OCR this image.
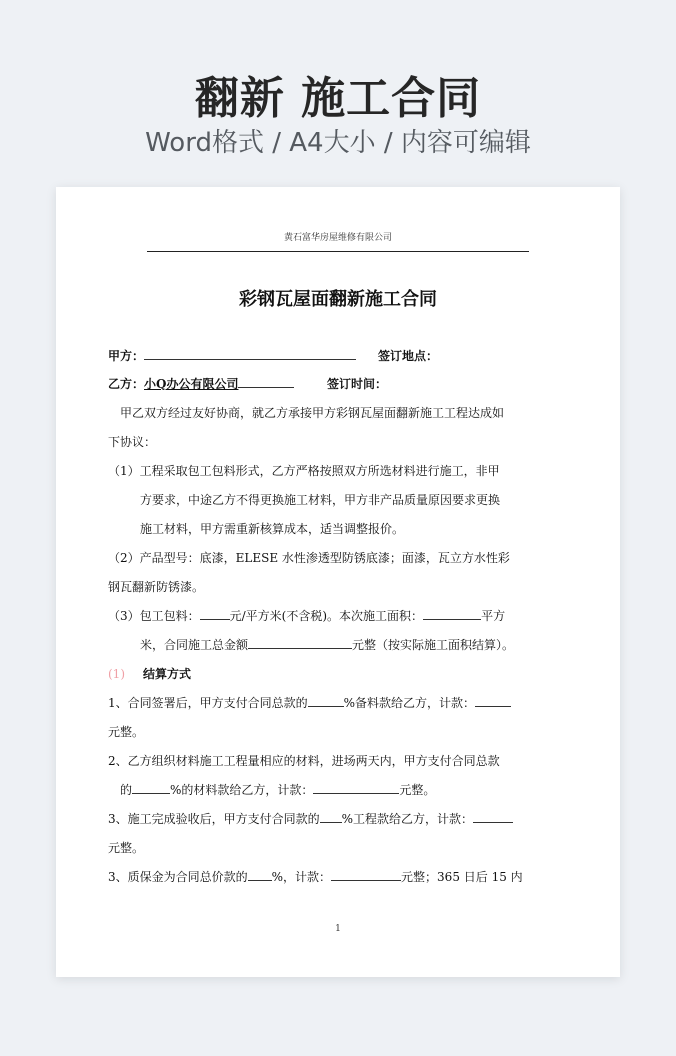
翻新 施工合同
Word格式 / A4大小 / 内容可编辑
黄石富华房屋维修有限公司
彩钢瓦屋面翻新施工合同
甲方：	签订地点：
乙方：小Q办公有限公司	签订时间：
甲乙双方经过友好协商，就乙方承接甲方彩钢瓦屋面翻新施工工程达成如
下协议：
（1）工程采取包工包料形式，乙方严格按照双方所选材料进行施工，非甲
方要求，中途乙方不得更换施工材料，甲方非产品质量原因要求更换
施工材料，甲方需重新核算成本，适当调整报价。
（2）产品型号：底漆，ELESE 水性渗透型防锈底漆；面漆，瓦立方水性彩
钢瓦翻新防锈漆。
（3）包工包料：	元/平方米(不含税)。本次施工面积：	平方
米，合同施工总金额	元整（按实际施工面积结算）。
(1) 结算方式
1、合同签署后，甲方支付合同总款的	%备料款给乙方，计款：
元整。
2、乙方组织材料施工工程量相应的材料，进场两天内，甲方支付合同总款
的	%的材料款给乙方，计款：	元整。
3、施工完成验收后，甲方支付合同款的 %工程款给乙方，计款：
元整。
3、质保金为合同总价款的 %，计款：	元整；365 日后 15 内
1
